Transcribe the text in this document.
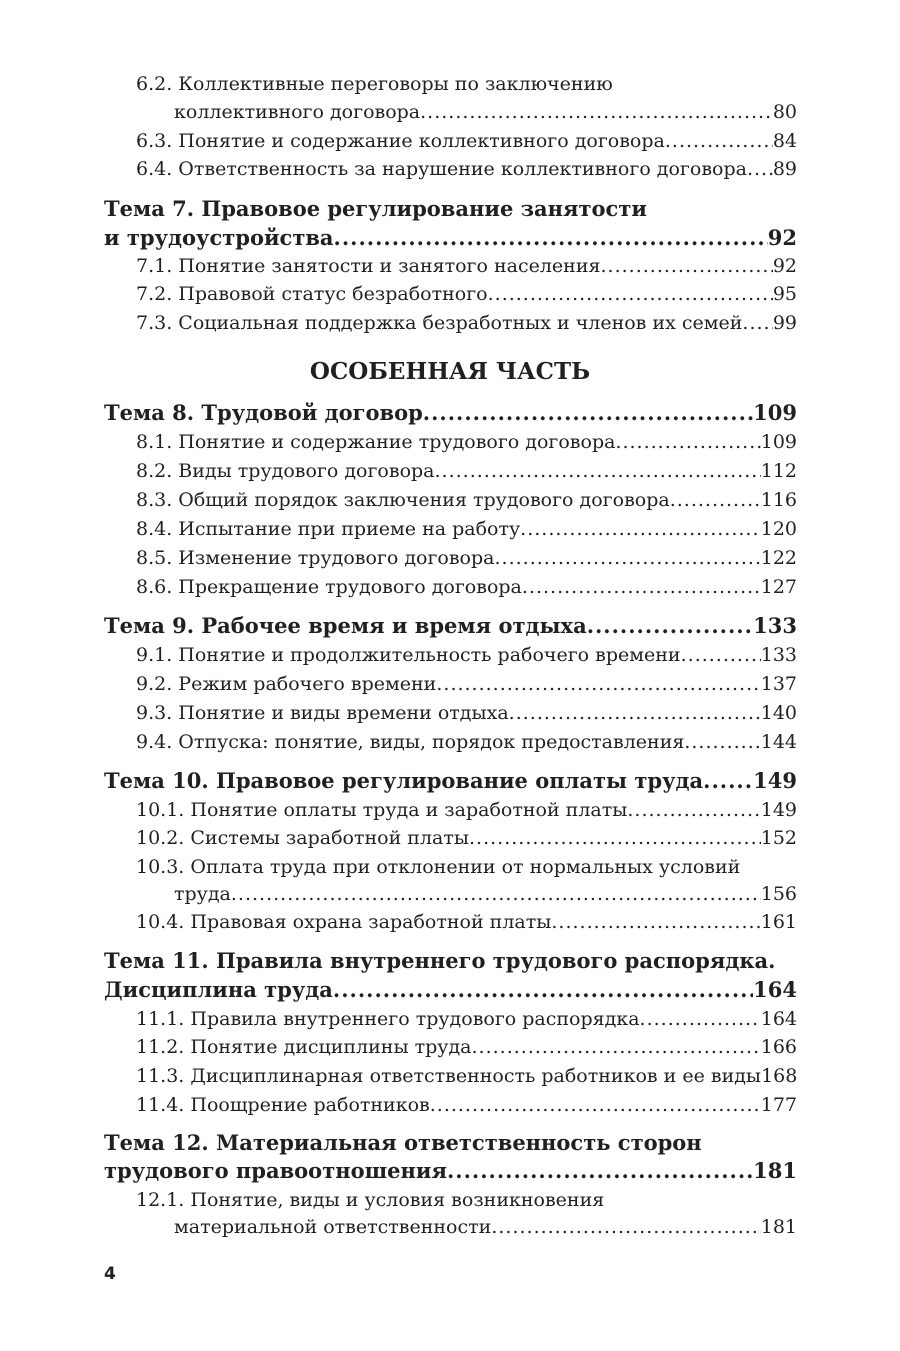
6.2. Коллективные переговоры по заключению
коллективного договора .....	80
6.3. Понятие и содержание коллективного договора .....	84
6.4. Ответственность за нарушение коллективного договора ..... 89
Тема 7. Правовое регулирование занятости
и трудоустройства .....	92
7.1. Понятие занятости и занятого населения .....	92
7.2. Правовой статус безработного .....	95
7.3. Социальная поддержка безработных и членов их семей ..... 99
ОСОБЕННАЯ ЧАСТЬ
Тема 8. Трудовой договор .....	109
8.1. Понятие и содержание трудового договора .....	109
8.2. Виды трудового договора .....	112
8.3. Общий порядок заключения трудового договора .....	116
8.4. Испытание при приеме на работу .....	120
8.5. Изменение трудового договора .....	122
8.6. Прекращение трудового договора .....	127
Тема 9. Рабочее время и время отдыха .....	133
9.1. Понятие и продолжительность рабочего времени .....	133
9.2. Режим рабочего времени .....	137
9.3. Понятие и виды времени отдыха .....	140
9.4. Отпуска: понятие, виды, порядок предоставления .....	144
Тема 10. Правовое регулирование оплаты труда ..... 149
10.1. Понятие оплаты труда и заработной платы .....	149
10.2. Системы заработной платы .....	152
10.3. Оплата труда при отклонении от нормальных условий
труда .....	156
10.4. Правовая охрана заработной платы .....	161
Тема 11. Правила внутреннего трудового распорядка.
Дисциплина труда .....	164
11.1. Правила внутреннего трудового распорядка .....	164
11.2. Понятие дисциплины труда .....	166
11.3. Дисциплинарная ответственность работников и ее виды 168
11.4. Поощрение работников .....	177
Тема 12. Материальная ответственность сторон
трудового правоотношения .....	181
12.1. Понятие, виды и условия возникновения
материальной ответственности .....	181
4
